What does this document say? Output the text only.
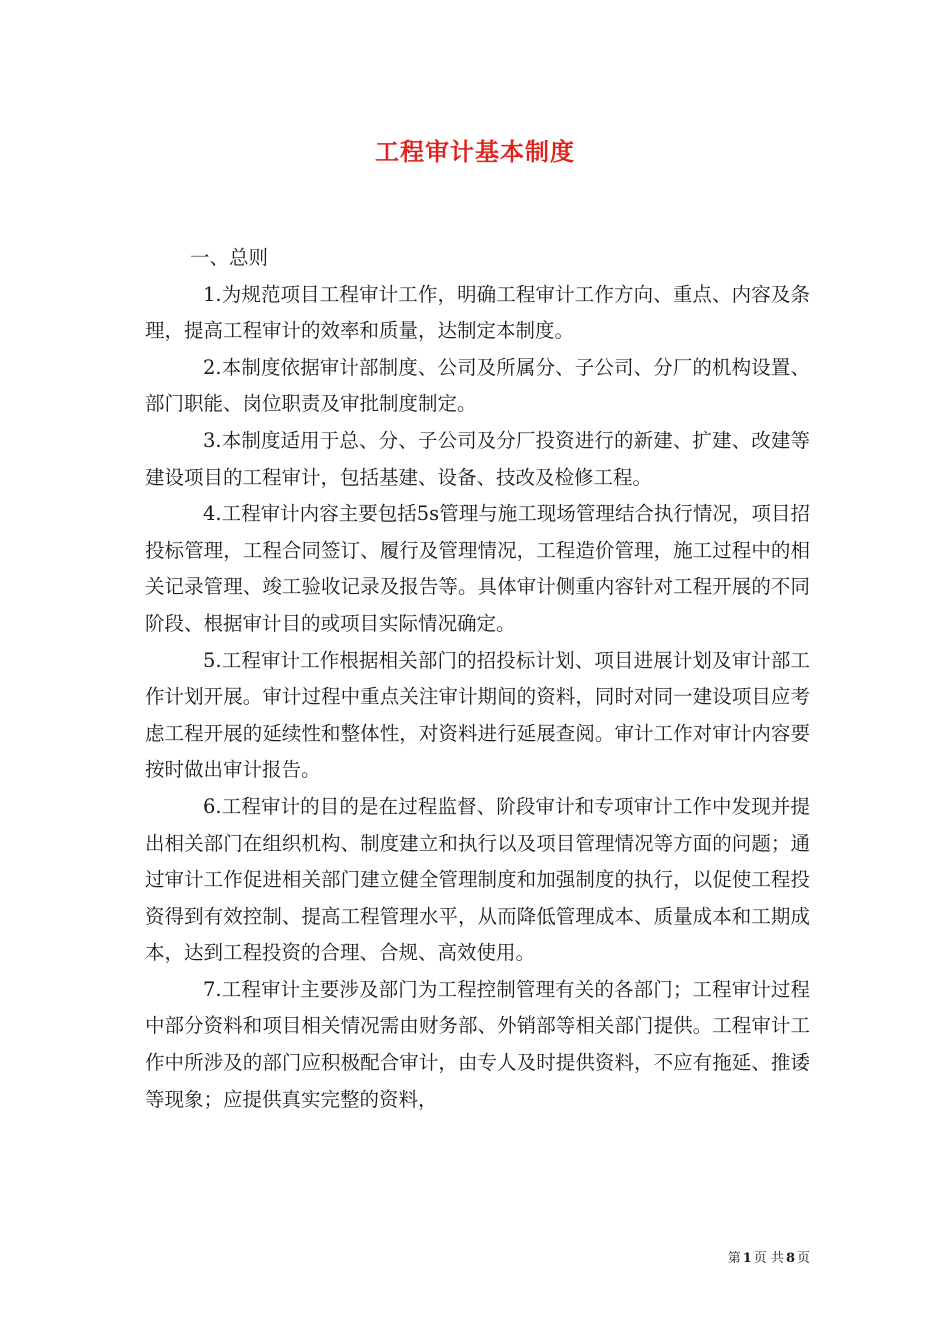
工程审计基本制度

一、总则

1.为规范项目工程审计工作，明确工程审计工作方向、重点、内容及条理，提高工程审计的效率和质量，达制定本制度。

2.本制度依据审计部制度、公司及所属分、子公司、分厂的机构设置、部门职能、岗位职责及审批制度制定。

3.本制度适用于总、分、子公司及分厂投资进行的新建、扩建、改建等建设项目的工程审计，包括基建、设备、技改及检修工程。

4.工程审计内容主要包括5s管理与施工现场管理结合执行情况，项目招投标管理，工程合同签订、履行及管理情况，工程造价管理，施工过程中的相关记录管理、竣工验收记录及报告等。具体审计侧重内容针对工程开展的不同阶段、根据审计目的或项目实际情况确定。

5.工程审计工作根据相关部门的招投标计划、项目进展计划及审计部工作计划开展。审计过程中重点关注审计期间的资料，同时对同一建设项目应考虑工程开展的延续性和整体性，对资料进行延展查阅。审计工作对审计内容要按时做出审计报告。

6.工程审计的目的是在过程监督、阶段审计和专项审计工作中发现并提出相关部门在组织机构、制度建立和执行以及项目管理情况等方面的问题；通过审计工作促进相关部门建立健全管理制度和加强制度的执行，以促使工程投资得到有效控制、提高工程管理水平，从而降低管理成本、质量成本和工期成本，达到工程投资的合理、合规、高效使用。

7.工程审计主要涉及部门为工程控制管理有关的各部门；工程审计过程中部分资料和项目相关情况需由财务部、外销部等相关部门提供。工程审计工作中所涉及的部门应积极配合审计，由专人及时提供资料，不应有拖延、推诿等现象；应提供真实完整的资料，

第 1 页 共 8 页
